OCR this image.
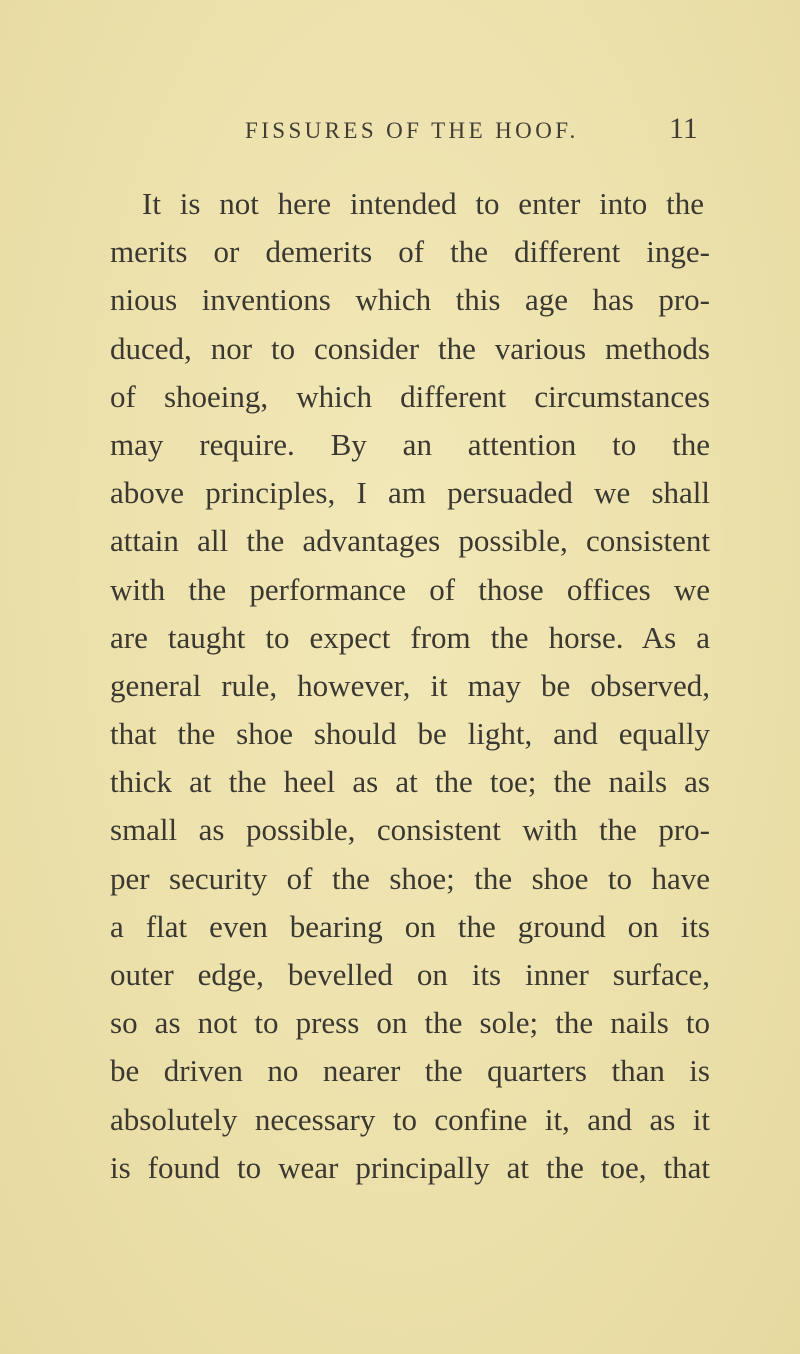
FISSURES OF THE HOOF.	11
It is not here intended to enter into the
merits or demerits of the different inge-
nious inventions which this age has pro-
duced, nor to consider the various methods
of shoeing, which different circumstances
may require. By an attention to the
above principles, I am persuaded we shall
attain all the advantages possible, consistent
with the performance of those offices we
are taught to expect from the horse. As a
general rule, however, it may be observed,
that the shoe should be light, and equally
thick at the heel as at the toe; the nails as
small as possible, consistent with the pro-
per security of the shoe; the shoe to have
a flat even bearing on the ground on its
outer edge, bevelled on its inner surface,
so as not to press on the sole; the nails to
be driven no nearer the quarters than is
absolutely necessary to confine it, and as it
is found to wear principally at the toe, that
